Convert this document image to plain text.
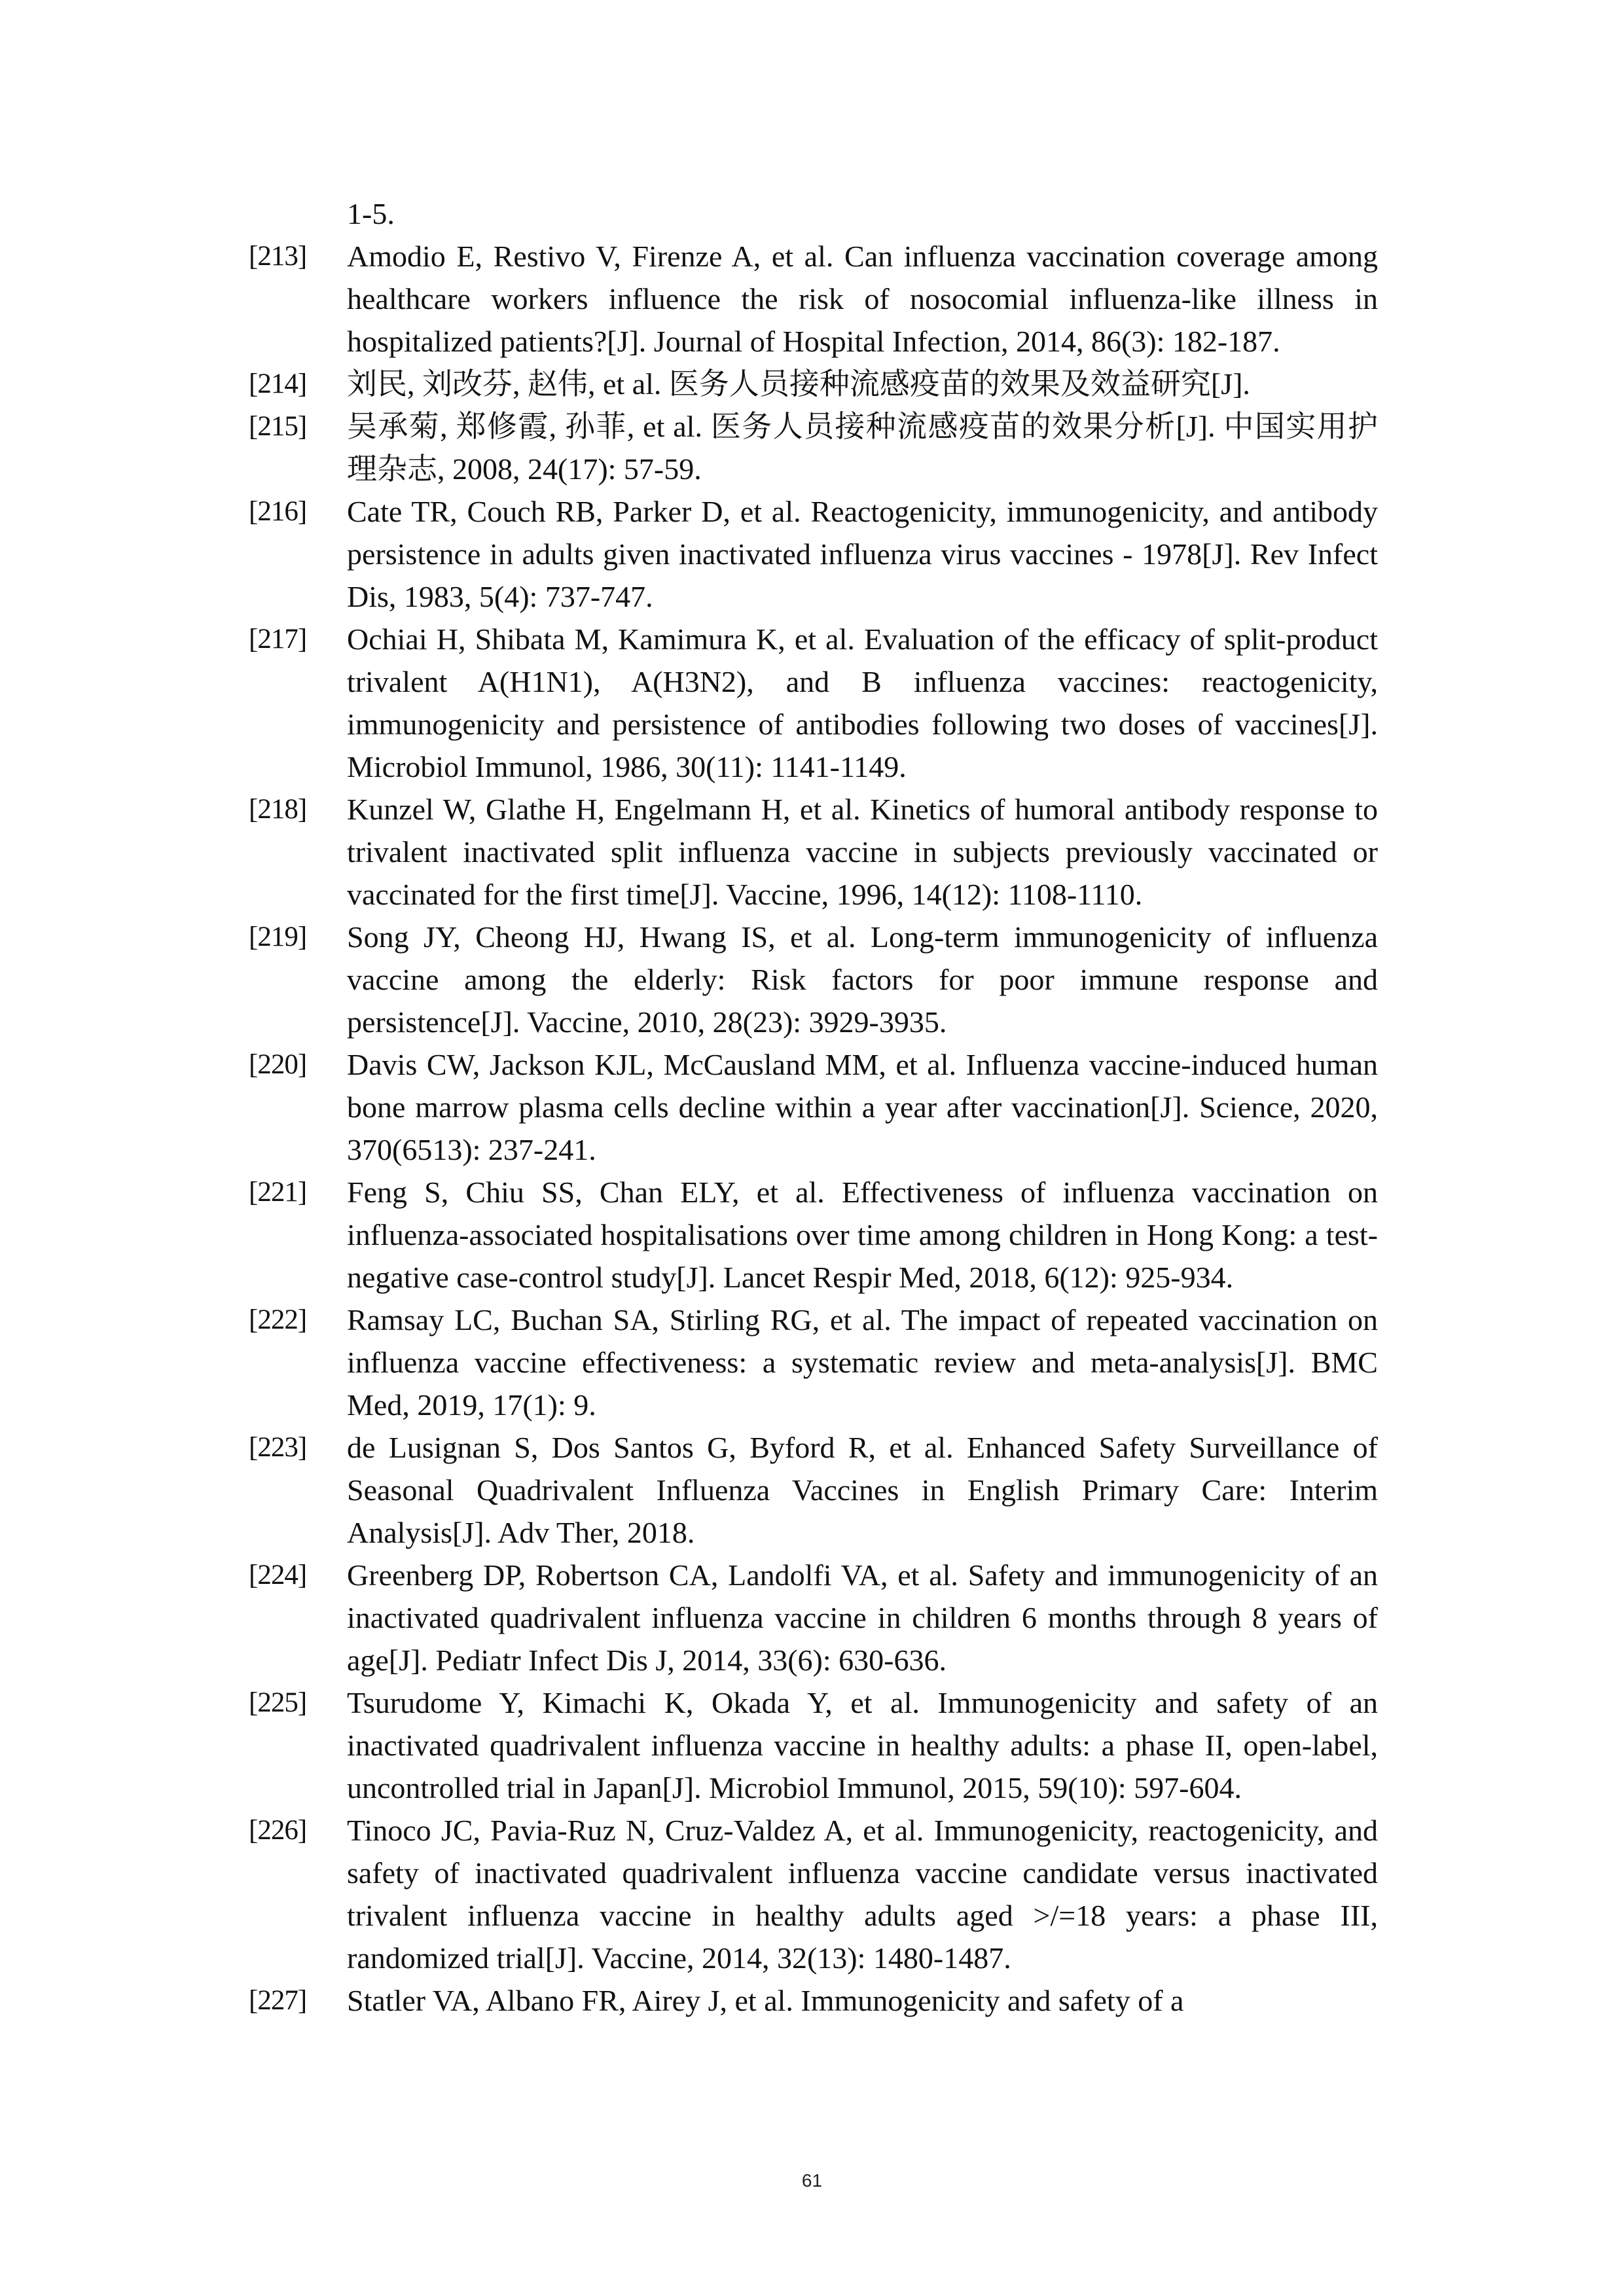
1-5.
[213]	Amodio E, Restivo V, Firenze A, et al. Can influenza vaccination coverage among healthcare workers influence the risk of nosocomial influenza-like illness in hospitalized patients?[J]. Journal of Hospital Infection, 2014, 86(3): 182-187.
[214]	刘民, 刘改芬, 赵伟, et al. 医务人员接种流感疫苗的效果及效益研究[J].
[215]	吴承菊, 郑修霞, 孙菲, et al. 医务人员接种流感疫苗的效果分析[J]. 中国实用护理杂志, 2008, 24(17): 57-59.
[216]	Cate TR, Couch RB, Parker D, et al. Reactogenicity, immunogenicity, and antibody persistence in adults given inactivated influenza virus vaccines - 1978[J]. Rev Infect Dis, 1983, 5(4): 737-747.
[217]	Ochiai H, Shibata M, Kamimura K, et al. Evaluation of the efficacy of split-product trivalent A(H1N1), A(H3N2), and B influenza vaccines: reactogenicity, immunogenicity and persistence of antibodies following two doses of vaccines[J]. Microbiol Immunol, 1986, 30(11): 1141-1149.
[218]	Kunzel W, Glathe H, Engelmann H, et al. Kinetics of humoral antibody response to trivalent inactivated split influenza vaccine in subjects previously vaccinated or vaccinated for the first time[J]. Vaccine, 1996, 14(12): 1108-1110.
[219]	Song JY, Cheong HJ, Hwang IS, et al. Long-term immunogenicity of influenza vaccine among the elderly: Risk factors for poor immune response and persistence[J]. Vaccine, 2010, 28(23): 3929-3935.
[220]	Davis CW, Jackson KJL, McCausland MM, et al. Influenza vaccine-induced human bone marrow plasma cells decline within a year after vaccination[J]. Science, 2020, 370(6513): 237-241.
[221]	Feng S, Chiu SS, Chan ELY, et al. Effectiveness of influenza vaccination on influenza-associated hospitalisations over time among children in Hong Kong: a test-negative case-control study[J]. Lancet Respir Med, 2018, 6(12): 925-934.
[222]	Ramsay LC, Buchan SA, Stirling RG, et al. The impact of repeated vaccination on influenza vaccine effectiveness: a systematic review and meta-analysis[J]. BMC Med, 2019, 17(1): 9.
[223]	de Lusignan S, Dos Santos G, Byford R, et al. Enhanced Safety Surveillance of Seasonal Quadrivalent Influenza Vaccines in English Primary Care: Interim Analysis[J]. Adv Ther, 2018.
[224]	Greenberg DP, Robertson CA, Landolfi VA, et al. Safety and immunogenicity of an inactivated quadrivalent influenza vaccine in children 6 months through 8 years of age[J]. Pediatr Infect Dis J, 2014, 33(6): 630-636.
[225]	Tsurudome Y, Kimachi K, Okada Y, et al. Immunogenicity and safety of an inactivated quadrivalent influenza vaccine in healthy adults: a phase II, open-label, uncontrolled trial in Japan[J]. Microbiol Immunol, 2015, 59(10): 597-604.
[226]	Tinoco JC, Pavia-Ruz N, Cruz-Valdez A, et al. Immunogenicity, reactogenicity, and safety of inactivated quadrivalent influenza vaccine candidate versus inactivated trivalent influenza vaccine in healthy adults aged >/=18 years: a phase III, randomized trial[J]. Vaccine, 2014, 32(13): 1480-1487.
[227]	Statler VA, Albano FR, Airey J, et al. Immunogenicity and safety of a
61
